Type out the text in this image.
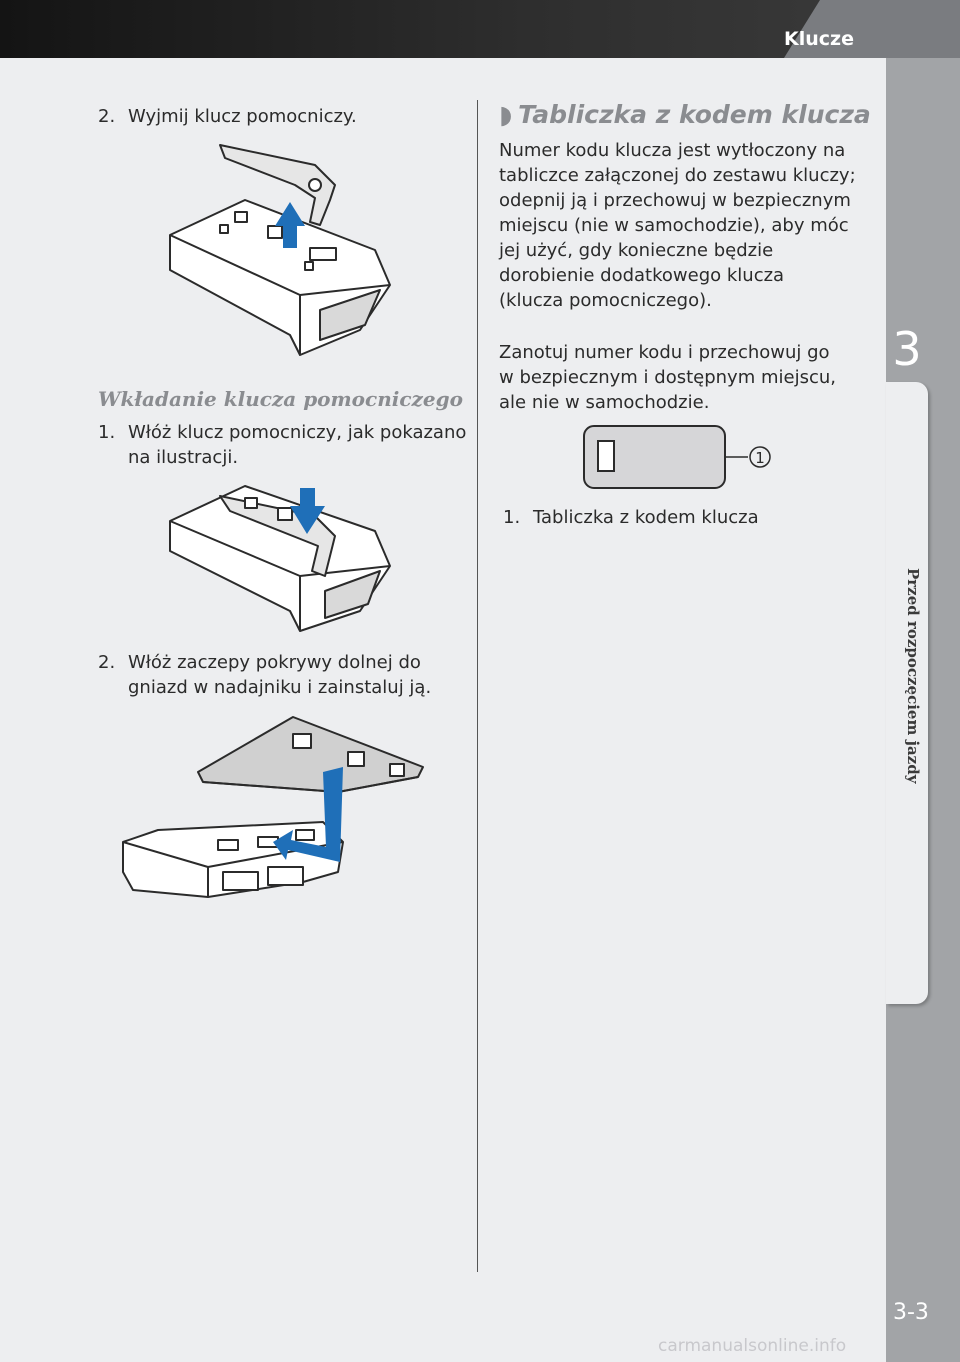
Klucze
3
Przed rozpoczęciem jazdy
3-3
2. Wyjmij klucz pomocniczy.
Wkładanie klucza pomocniczego
1. Włóż klucz pomocniczy, jak pokazano
na ilustracji.
2. Włóż zaczepy pokrywy dolnej do
gniazd w nadajniku i zainstaluj ją.
◗ Tabliczka z kodem klucza
Numer kodu klucza jest wytłoczony na
tabliczce załączonej do zestawu kluczy;
odepnij ją i przechowuj w bezpiecznym
miejscu (nie w samochodzie), aby móc
jej użyć, gdy konieczne będzie
dorobienie dodatkowego klucza
(klucza pomocniczego).
Zanotuj numer kodu i przechowuj go
w bezpiecznym i dostępnym miejscu,
ale nie w samochodzie.
1
1. Tabliczka z kodem klucza
carmanualsonline.info
